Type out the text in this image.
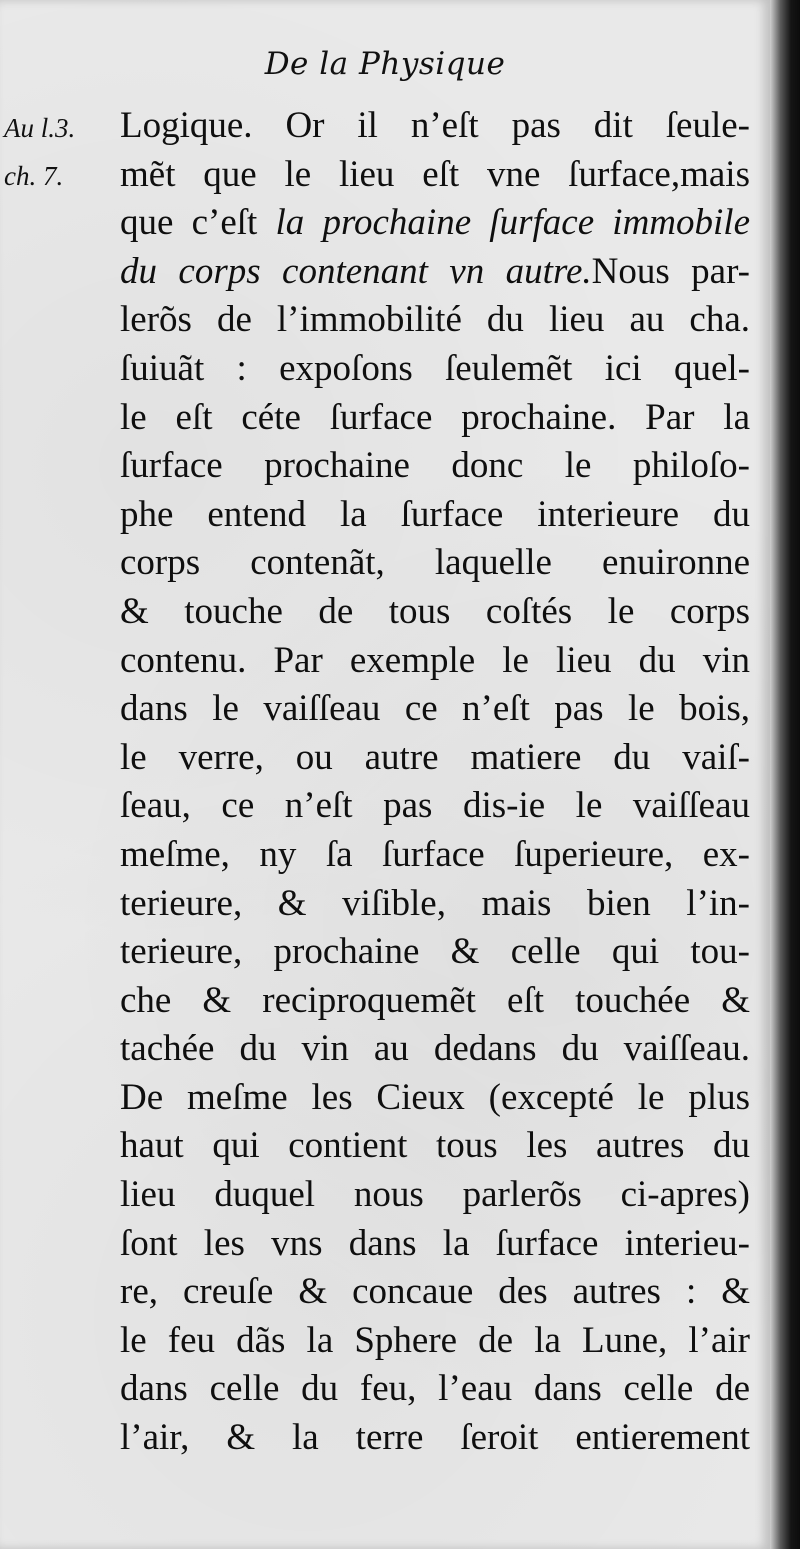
De la Physique
Au l.3.
ch. 7.
Logique. Or il n’eſt pas dit ſeule-
mẽt que le lieu eſt vne ſurface,mais
que c’eſt la prochaine ſurface immobile
du corps contenant vn autre.Nous par-
lerõs de l’immobilité du lieu au cha.
ſuiuãt : expoſons ſeulemẽt ici quel-
le eſt céte ſurface prochaine. Par la
ſurface prochaine donc le philoſo-
phe entend la ſurface interieure du
corps contenãt, laquelle enuironne
& touche de tous coſtés le corps
contenu. Par exemple le lieu du vin
dans le vaiſſeau ce n’eſt pas le bois,
le verre, ou autre matiere du vaiſ-
ſeau, ce n’eſt pas dis-ie le vaiſſeau
meſme, ny ſa ſurface ſuperieure, ex-
terieure, & viſible, mais bien l’in-
terieure, prochaine & celle qui tou-
che & reciproquemẽt eſt touchée &
tachée du vin au dedans du vaiſſeau.
De meſme les Cieux (excepté le plus
haut qui contient tous les autres du
lieu duquel nous parlerõs ci-apres)
ſont les vns dans la ſurface interieu-
re, creuſe & concaue des autres : &
le feu dãs la Sphere de la Lune, l’air
dans celle du feu, l’eau dans celle de
l’air, & la terre ſeroit entierement
